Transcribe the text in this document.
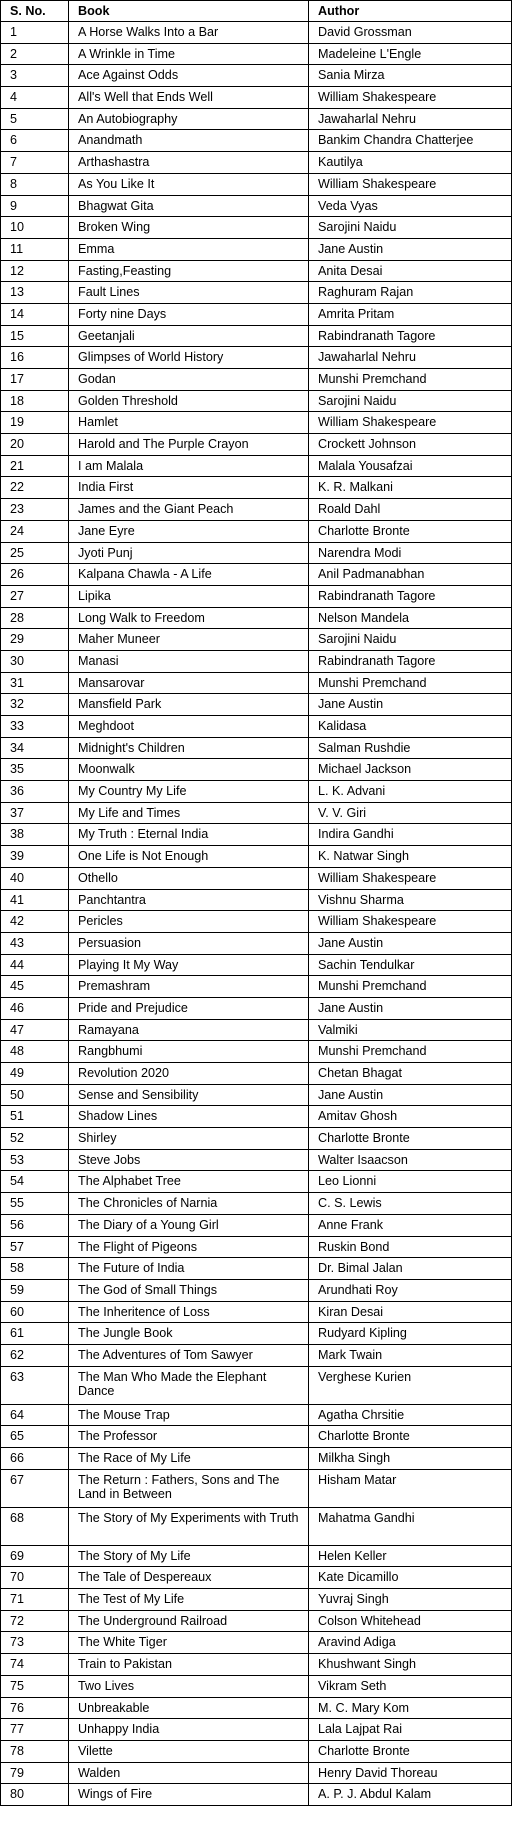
S. No.	Book	Author
1	A Horse Walks Into a Bar	David Grossman
2	A Wrinkle in Time	Madeleine L'Engle
3	Ace Against Odds	Sania Mirza
4	All's Well that Ends Well	William Shakespeare
5	An Autobiography	Jawaharlal Nehru
6	Anandmath	Bankim Chandra Chatterjee
7	Arthashastra	Kautilya
8	As You Like It	William Shakespeare
9	Bhagwat Gita	Veda Vyas
10	Broken Wing	Sarojini Naidu
11	Emma	Jane Austin
12	Fasting,Feasting	Anita Desai
13	Fault Lines	Raghuram Rajan
14	Forty nine Days	Amrita Pritam
15	Geetanjali	Rabindranath Tagore
16	Glimpses of World History	Jawaharlal Nehru
17	Godan	Munshi Premchand
18	Golden Threshold	Sarojini Naidu
19	Hamlet	William Shakespeare
20	Harold and The Purple Crayon	Crockett Johnson
21	I am Malala	Malala Yousafzai
22	India First	K. R. Malkani
23	James and the Giant Peach	Roald Dahl
24	Jane Eyre	Charlotte Bronte
25	Jyoti Punj	Narendra Modi
26	Kalpana Chawla - A Life	Anil Padmanabhan
27	Lipika	Rabindranath Tagore
28	Long Walk to Freedom	Nelson Mandela
29	Maher Muneer	Sarojini Naidu
30	Manasi	Rabindranath Tagore
31	Mansarovar	Munshi Premchand
32	Mansfield Park	Jane Austin
33	Meghdoot	Kalidasa
34	Midnight's Children	Salman Rushdie
35	Moonwalk	Michael Jackson
36	My Country My Life	L. K. Advani
37	My Life and Times	V. V. Giri
38	My Truth : Eternal India	Indira Gandhi
39	One Life is Not Enough	K. Natwar Singh
40	Othello	William Shakespeare
41	Panchtantra	Vishnu Sharma
42	Pericles	William Shakespeare
43	Persuasion	Jane Austin
44	Playing It My Way	Sachin Tendulkar
45	Premashram	Munshi Premchand
46	Pride and Prejudice	Jane Austin
47	Ramayana	Valmiki
48	Rangbhumi	Munshi Premchand
49	Revolution 2020	Chetan Bhagat
50	Sense and Sensibility	Jane Austin
51	Shadow Lines	Amitav Ghosh
52	Shirley	Charlotte Bronte
53	Steve Jobs	Walter Isaacson
54	The Alphabet Tree	Leo Lionni
55	The Chronicles of Narnia	C. S. Lewis
56	The Diary of a Young Girl	Anne Frank
57	The Flight of Pigeons	Ruskin Bond
58	The Future of India	Dr. Bimal Jalan
59	The God of Small Things	Arundhati Roy
60	The Inheritence of Loss	Kiran Desai
61	The Jungle Book	Rudyard Kipling
62	The Adventures of Tom Sawyer	Mark Twain
63	The Man Who Made the Elephant Dance	Verghese Kurien
64	The Mouse Trap	Agatha Chrsitie
65	The Professor	Charlotte Bronte
66	The Race of My Life	Milkha Singh
67	The Return : Fathers, Sons and The Land in Between	Hisham Matar
68	The Story of My Experiments with Truth	Mahatma Gandhi
69	The Story of My Life	Helen Keller
70	The Tale of Despereaux	Kate Dicamillo
71	The Test of My Life	Yuvraj Singh
72	The Underground Railroad	Colson Whitehead
73	The White Tiger	Aravind Adiga
74	Train to Pakistan	Khushwant Singh
75	Two Lives	Vikram Seth
76	Unbreakable	M. C. Mary Kom
77	Unhappy India	Lala Lajpat Rai
78	Vilette	Charlotte Bronte
79	Walden	Henry David Thoreau
80	Wings of Fire	A. P. J. Abdul Kalam
